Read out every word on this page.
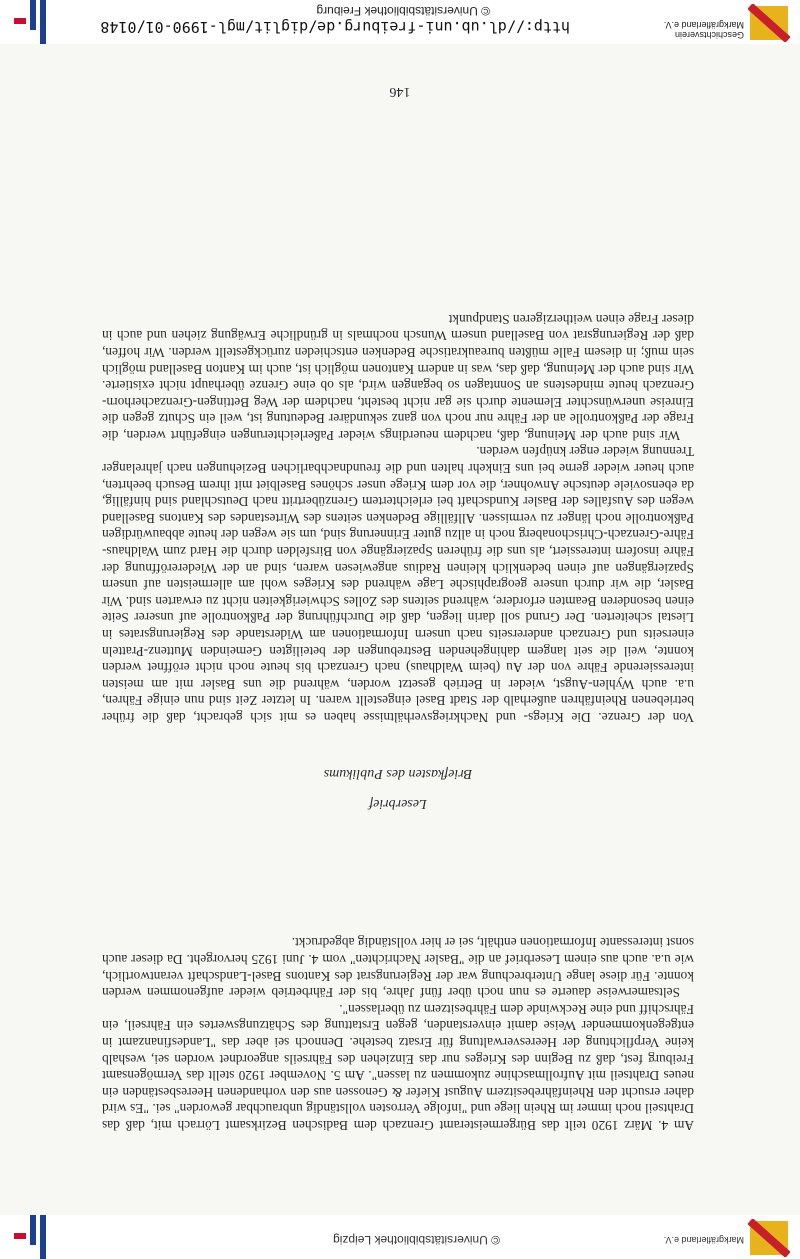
Markgräflerland e.V.
© Universitätsbibliothek Leipzig

Am 4. März 1920 teilt das Bürgermeisteramt Grenzach dem Badischen Bezirksamt Lörrach mit, daß das Drahtseil noch immer im Rhein liege und "infolge Verrosten vollständig unbrauchbar geworden" sei. "Es wird daher ersucht den Rheinfährebesitzern August Kiefer & Genossen aus den vorhandenen Heeresbeständen ein neues Drahtseil mit Aufrollmaschine zukommen zu lassen". Am 5. November 1920 stellt das Vermögensamt Freiburg fest, daß zu Beginn des Krieges nur das Einziehen des Fährseils angeordnet worden sei, weshalb keine Verpflichtung der Heeresverwaltung für Ersatz bestehe. Dennoch sei aber das "Landesfinanzamt in entgegenkommender Weise damit einverstanden, gegen Erstattung des Schätzungswertes ein Fährseil, ein Fährschiff und eine Reckwinde dem Fährbesitzern zu überlassen".

Seltsamerweise dauerte es nun noch über fünf Jahre, bis der Fährbetrieb wieder aufgenommen werden konnte. Für diese lange Unterbrechung war der Regierungsrat des Kantons Basel-Landschaft verantwortlich, wie u.a. auch aus einem Leserbrief an die "Basler Nachrichten" vom 4. Juni 1925 hervorgeht. Da dieser auch sonst interessante Informationen enthält, sei er hier vollständig abgedruckt.

Leserbrief
Briefkasten des Publikums

Von der Grenze. Die Kriegs- und Nachkriegsverhältnisse haben es mit sich gebracht, daß die früher betriebenen Rheinfähren außerhalb der Stadt Basel eingestellt waren. In letzter Zeit sind nun einige Fähren, u.a. auch Wyhlen-Augst, wieder in Betrieb gesetzt worden, während die uns Basler mit am meisten interessierende Fähre von der Au (beim Waldhaus) nach Grenzach bis heute noch nicht eröffnet werden konnte, weil die seit langem dahingehenden Bestrebungen der beteiligten Gemeinden Muttenz-Pratteln einerseits und Grenzach andererseits nach unsern Informationen am Widerstande des Regierungsrates in Liestal scheiterten. Der Grund soll darin liegen, daß die Durchführung der Paßkontrolle auf unserer Seite einen besonderen Beamten erfordere, während seitens des Zolles Schwierigkeiten nicht zu erwarten sind. Wir Basler, die wir durch unsere geographische Lage während des Krieges wohl am allermeisten auf unsern Spaziergängen auf einen bedenklich kleinen Radius angewiesen waren, sind an der Wiedereröffnung der Fähre insofern interessiert, als uns die früheren Spaziergänge von Birsfelden durch die Hard zum Waldhaus-Fähre-Grenzach-Chrischonaberg noch in allzu guter Erinnerung sind, um sie wegen der heute abbauwürdigen Paßkontrolle noch länger zu vermissen. Allfällige Bedenken seitens des Wirtestandes des Kantons Baselland wegen des Ausfalles der Basler Kundschaft bei erleichtertem Grenzübertritt nach Deutschland sind hinfällig, da ebensoviele deutsche Anwohner, die vor dem Kriege unser schönes Baselbiet mit ihrem Besuch beehrten, auch heuer wieder gerne bei uns Einkehr halten und die freundnachbarlichen Beziehungen nach jahrelanger Trennung wieder enger knüpfen werden.

Wir sind auch der Meinung, daß, nachdem neuerdings wieder Paßerleichterungen eingeführt werden, die Frage der Paßkontrolle an der Fähre nur noch von ganz sekundärer Bedeutung ist, weil ein Schutz gegen die Einreise unerwünschter Elemente durch sie gar nicht besteht, nachdem der Weg Bettingen-Grenzacherhorn-Grenzach heute mindestens an Sonntagen so begangen wird, als ob eine Grenze überhaupt nicht existierte. Wir sind auch der Meinung, daß das, was in andern Kantonen möglich ist, auch im Kanton Baselland möglich sein muß; in diesem Falle müßten bureaukratische Bedenken entschieden zurückgestellt werden. Wir hoffen, daß der Regierungsrat von Baselland unsern Wunsch nochmals in gründliche Erwägung ziehen und auch in dieser Frage einen weitherzigeren Standpunkt

146
Geschichtsverein
Markgräflerland e.V.
http://dl.ub.uni-freiburg.de/diglit/mgl-1990-01/0148
© Universitätsbibliothek Freiburg
